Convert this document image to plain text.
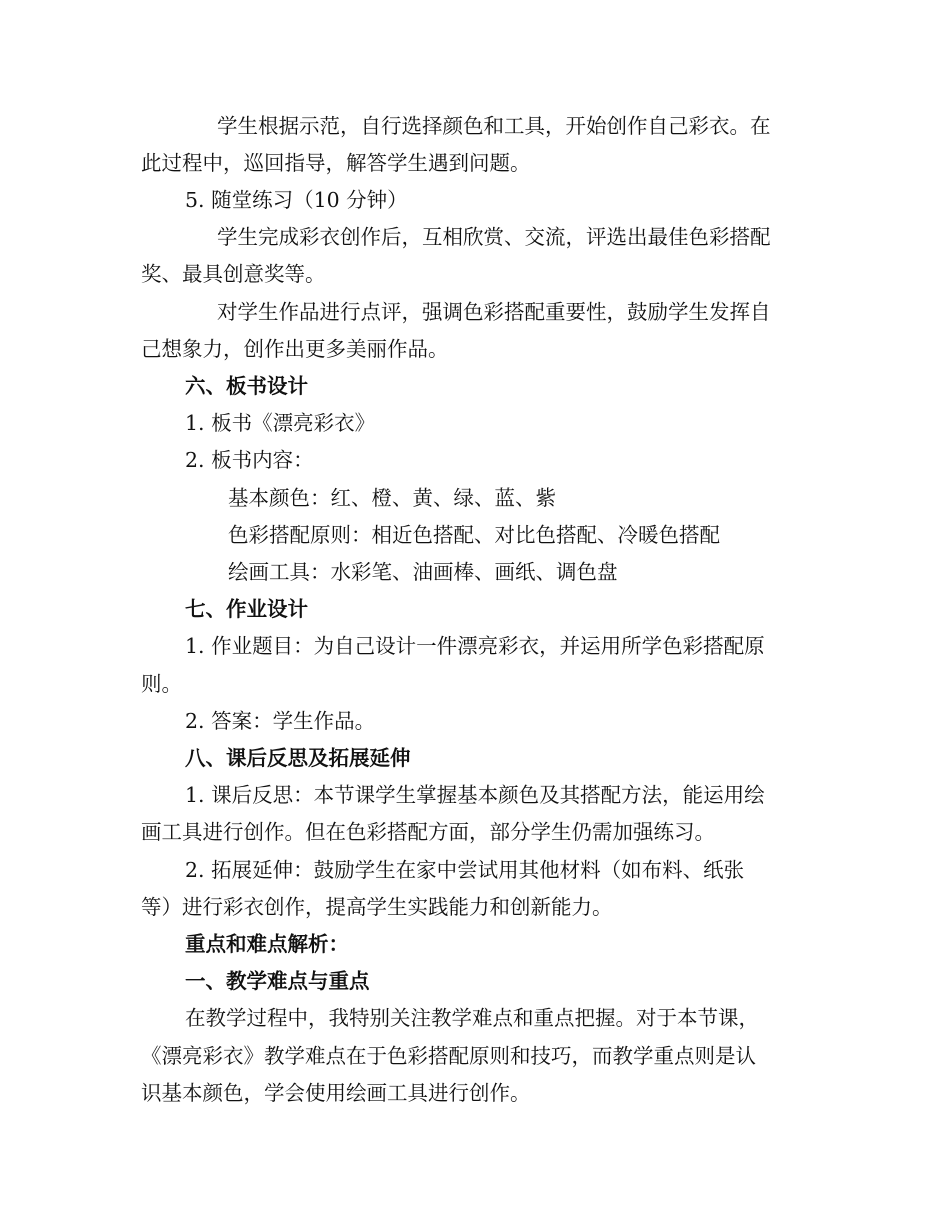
学生根据示范，自行选择颜色和工具，开始创作自己彩衣。在
此过程中，巡回指导，解答学生遇到问题。
5. 随堂练习（10 分钟）
学生完成彩衣创作后，互相欣赏、交流，评选出最佳色彩搭配
奖、最具创意奖等。
对学生作品进行点评，强调色彩搭配重要性，鼓励学生发挥自
己想象力，创作出更多美丽作品。
六、板书设计
1. 板书《漂亮彩衣》
2. 板书内容：
基本颜色：红、橙、黄、绿、蓝、紫
色彩搭配原则：相近色搭配、对比色搭配、冷暖色搭配
绘画工具：水彩笔、油画棒、画纸、调色盘
七、作业设计
1. 作业题目：为自己设计一件漂亮彩衣，并运用所学色彩搭配原
则。
2. 答案：学生作品。
八、课后反思及拓展延伸
1. 课后反思：本节课学生掌握基本颜色及其搭配方法，能运用绘
画工具进行创作。但在色彩搭配方面，部分学生仍需加强练习。
2. 拓展延伸：鼓励学生在家中尝试用其他材料（如布料、纸张
等）进行彩衣创作，提高学生实践能力和创新能力。
重点和难点解析：
一、教学难点与重点
在教学过程中，我特别关注教学难点和重点把握。对于本节课，
《漂亮彩衣》教学难点在于色彩搭配原则和技巧，而教学重点则是认
识基本颜色，学会使用绘画工具进行创作。
